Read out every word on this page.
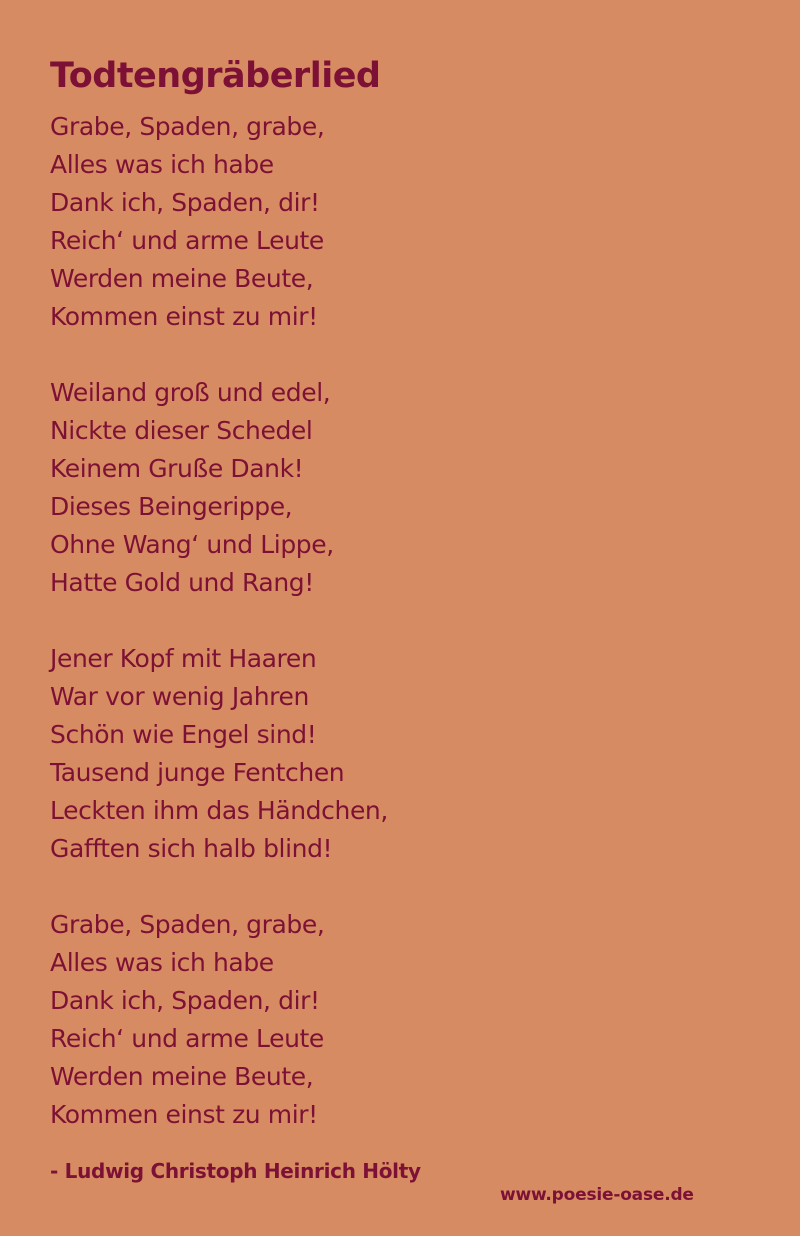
Todtengräberlied
Grabe, Spaden, grabe,
Alles was ich habe
Dank ich, Spaden, dir!
Reich‘ und arme Leute
Werden meine Beute,
Kommen einst zu mir!
Weiland groß und edel,
Nickte dieser Schedel
Keinem Gruße Dank!
Dieses Beingerippe,
Ohne Wang‘ und Lippe,
Hatte Gold und Rang!
Jener Kopf mit Haaren
War vor wenig Jahren
Schön wie Engel sind!
Tausend junge Fentchen
Leckten ihm das Händchen,
Gafften sich halb blind!
Grabe, Spaden, grabe,
Alles was ich habe
Dank ich, Spaden, dir!
Reich‘ und arme Leute
Werden meine Beute,
Kommen einst zu mir!
- Ludwig Christoph Heinrich Hölty
www.poesie-oase.de
